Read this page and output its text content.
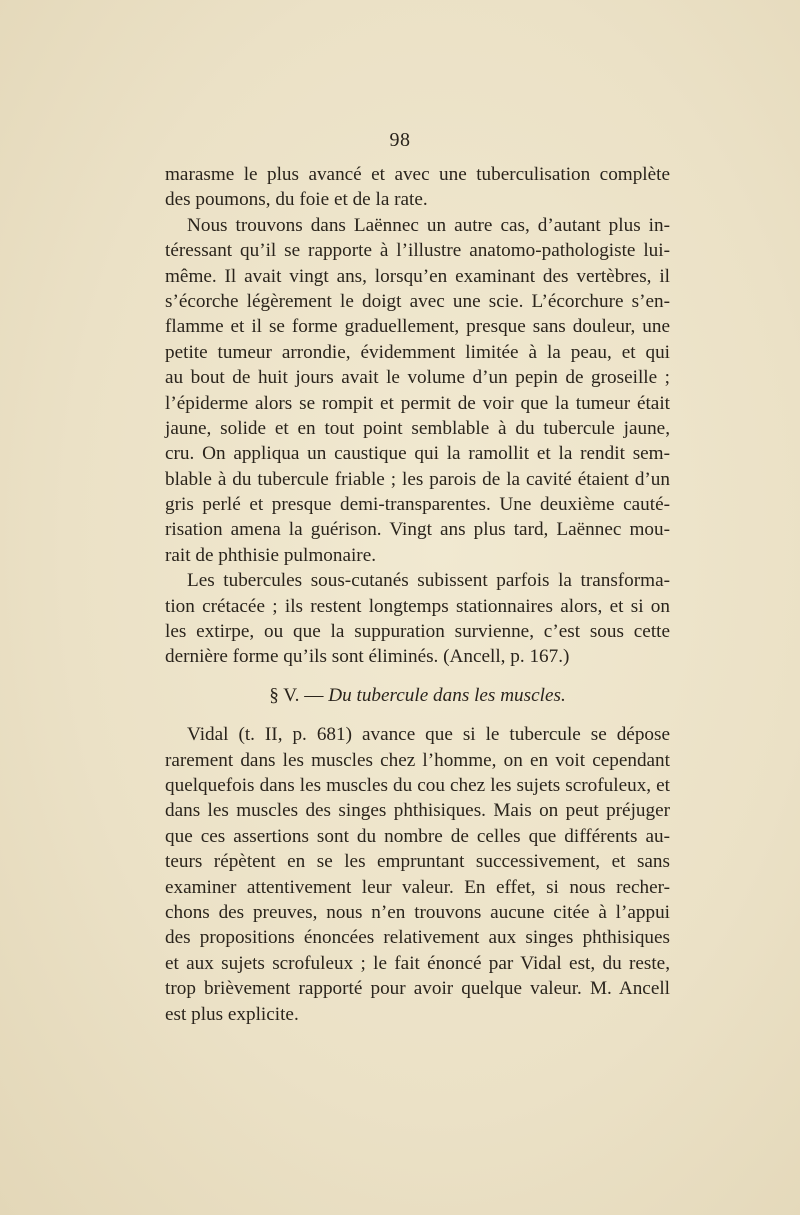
98
marasme le plus avancé et avec une tuberculisation complète
des poumons, du foie et de la rate.
Nous trouvons dans Laënnec un autre cas, d’autant plus in-
téressant qu’il se rapporte à l’illustre anatomo-pathologiste lui-
même. Il avait vingt ans, lorsqu’en examinant des vertèbres, il
s’écorche légèrement le doigt avec une scie. L’écorchure s’en-
flamme et il se forme graduellement, presque sans douleur, une
petite tumeur arrondie, évidemment limitée à la peau, et qui
au bout de huit jours avait le volume d’un pepin de groseille ;
l’épiderme alors se rompit et permit de voir que la tumeur était
jaune, solide et en tout point semblable à du tubercule jaune,
cru. On appliqua un caustique qui la ramollit et la rendit sem-
blable à du tubercule friable ; les parois de la cavité étaient d’un
gris perlé et presque demi-transparentes. Une deuxième cauté-
risation amena la guérison. Vingt ans plus tard, Laënnec mou-
rait de phthisie pulmonaire.
Les tubercules sous-cutanés subissent parfois la transforma-
tion crétacée ; ils restent longtemps stationnaires alors, et si on
les extirpe, ou que la suppuration survienne, c’est sous cette
dernière forme qu’ils sont éliminés. (Ancell, p. 167.)
§ V. — Du tubercule dans les muscles.
Vidal (t. II, p. 681) avance que si le tubercule se dépose
rarement dans les muscles chez l’homme, on en voit cependant
quelquefois dans les muscles du cou chez les sujets scrofuleux, et
dans les muscles des singes phthisiques. Mais on peut préjuger
que ces assertions sont du nombre de celles que différents au-
teurs répètent en se les empruntant successivement, et sans
examiner attentivement leur valeur. En effet, si nous recher-
chons des preuves, nous n’en trouvons aucune citée à l’appui
des propositions énoncées relativement aux singes phthisiques
et aux sujets scrofuleux ; le fait énoncé par Vidal est, du reste,
trop brièvement rapporté pour avoir quelque valeur. M. Ancell
est plus explicite.
